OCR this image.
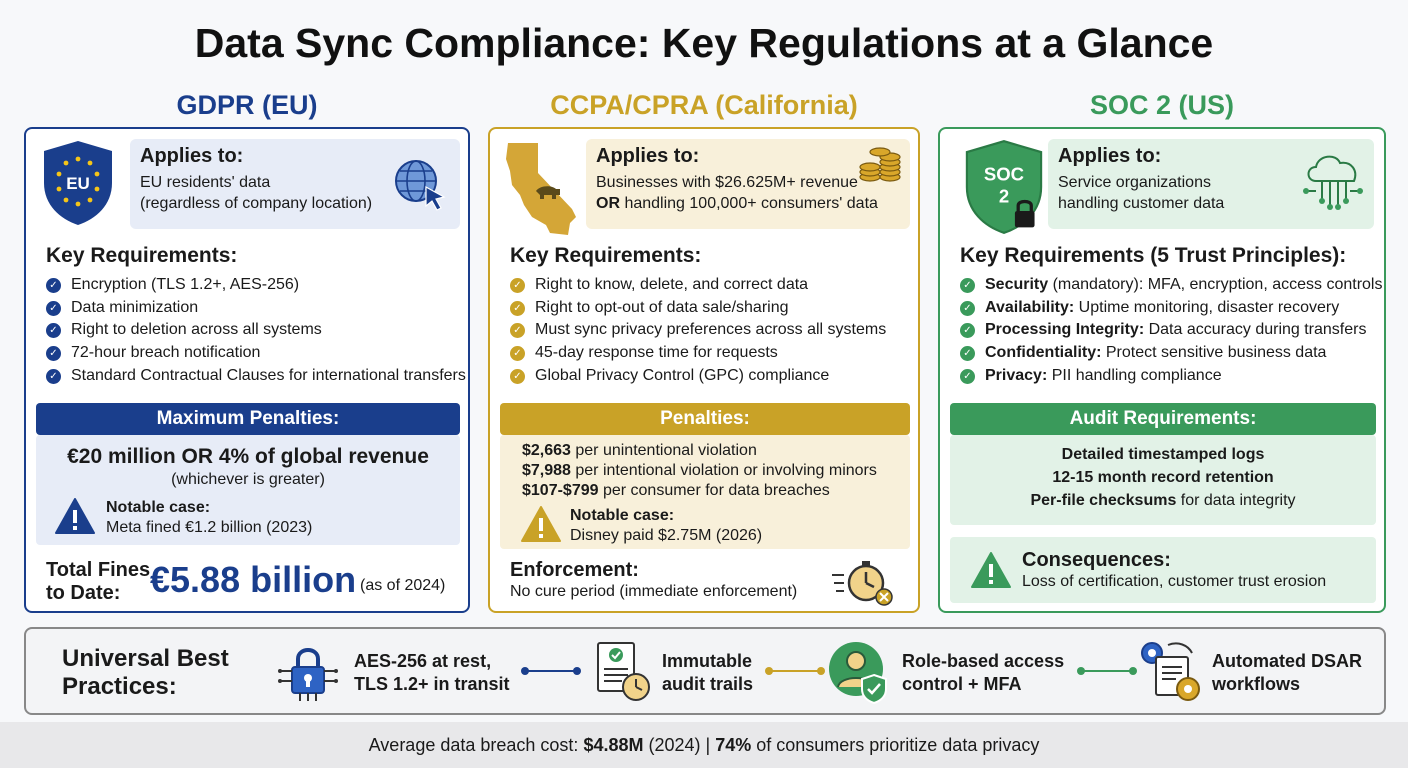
Data Sync Compliance: Key Regulations at a Glance
GDPR (EU)	CCPA/CPRA (California)	SOC 2 (US)
EU
Applies to:
EU residents' data
(regardless of company location)
Key Requirements:
✓ Encryption (TLS 1.2+, AES-256)
✓ Data minimization
✓ Right to deletion across all systems
✓ 72-hour breach notification
✓ Standard Contractual Clauses for international transfers
Maximum Penalties:
€20 million OR 4% of global revenue
(whichever is greater)
Notable case:
Meta fined €1.2 billion (2023)
Total Fines
to Date: €5.88 billion (as of 2024)
Applies to:
Businesses with $26.625M+ revenue
OR handling 100,000+ consumers' data
Key Requirements:
✓ Right to know, delete, and correct data
✓ Right to opt-out of data sale/sharing
✓ Must sync privacy preferences across all systems
✓ 45-day response time for requests
✓ Global Privacy Control (GPC) compliance
Penalties:
$2,663 per unintentional violation
$7,988 per intentional violation or involving minors
$107-$799 per consumer for data breaches
Notable case:
Disney paid $2.75M (2026)
Enforcement:
No cure period (immediate enforcement)
SOC
2
Applies to:
Service organizations
handling customer data
Key Requirements (5 Trust Principles):
✓ Security (mandatory): MFA, encryption, access controls
✓ Availability: Uptime monitoring, disaster recovery
✓ Processing Integrity: Data accuracy during transfers
✓ Confidentiality: Protect sensitive business data
✓ Privacy: PII handling compliance
Audit Requirements:
Detailed timestamped logs
12-15 month record retention
Per-file checksums for data integrity
Consequences:
Loss of certification, customer trust erosion
Universal Best
Practices:
AES-256 at rest,
TLS 1.2+ in transit
Immutable
audit trails
Role-based access
control + MFA
Automated DSAR
workflows
Average data breach cost: $4.88M (2024) | 74% of consumers prioritize data privacy
